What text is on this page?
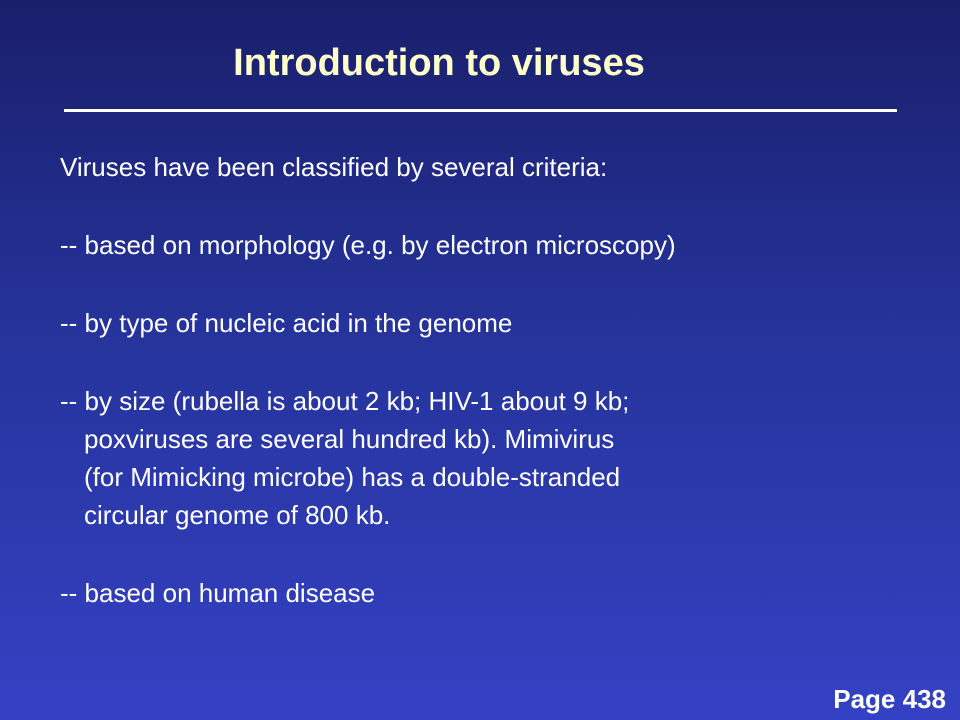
Introduction to viruses

Viruses have been classified by several criteria:

-- based on morphology (e.g. by electron microscopy)

-- by type of nucleic acid in the genome

-- by size (rubella is about 2 kb; HIV-1 about 9 kb;

poxviruses are several hundred kb). Mimivirus

(for Mimicking microbe) has a double-stranded

circular genome of 800 kb.

-- based on human disease

Page 438
